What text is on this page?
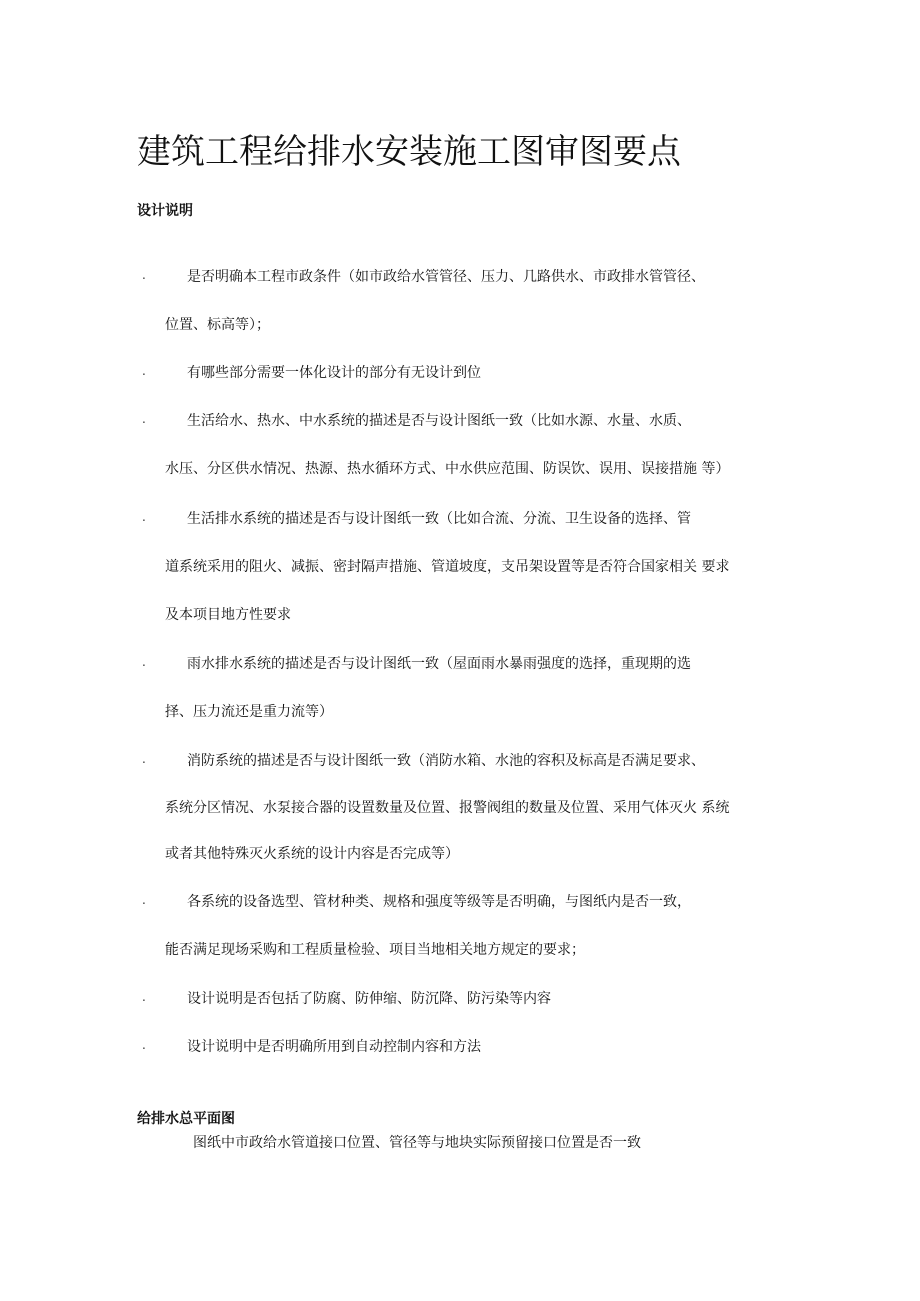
建筑工程给排水安装施工图审图要点
设计说明
.	是否明确本工程市政条件（如市政给水管管径、压力、几路供水、市政排水管管径、
位置、标高等）；
.	有哪些部分需要一体化设计的部分有无设计到位
.	生活给水、热水、中水系统的描述是否与设计图纸一致（比如水源、水量、水质、
水压、分区供水情况、热源、热水循环方式、中水供应范围、防误饮、误用、误接措施 等）
.	生活排水系统的描述是否与设计图纸一致（比如合流、分流、卫生设备的选择、管
道系统采用的阻火、减振、密封隔声措施、管道坡度，支吊架设置等是否符合国家相关 要求
及本项目地方性要求
.	雨水排水系统的描述是否与设计图纸一致（屋面雨水暴雨强度的选择，重现期的选
择、压力流还是重力流等）
.	消防系统的描述是否与设计图纸一致（消防水箱、水池的容积及标高是否满足要求、
系统分区情况、水泵接合器的设置数量及位置、报警阀组的数量及位置、采用气体灭火 系统
或者其他特殊灭火系统的设计内容是否完成等）
.	各系统的设备选型、管材种类、规格和强度等级等是否明确，与图纸内是否一致，
能否满足现场采购和工程质量检验、项目当地相关地方规定的要求；
.	设计说明是否包括了防腐、防伸缩、防沉降、防污染等内容
.	设计说明中是否明确所用到自动控制内容和方法
给排水总平面图
图纸中市政给水管道接口位置、管径等与地块实际预留接口位置是否一致
